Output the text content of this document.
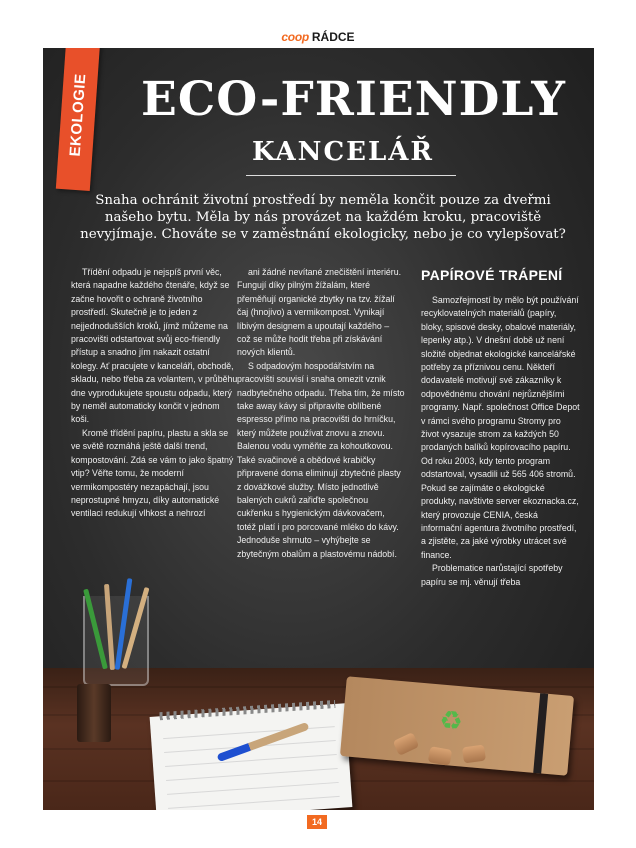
coop RÁDCE
EKOLOGIE	ECO-FRIENDLY
KANCELÁŘ
Snaha ochránit životní prostředí by neměla končit pouze za dveřmi našeho bytu. Měla by nás provázet na každém kroku, pracoviště nevyjímaje. Chováte se v zaměstnání ekologicky, nebo je co vylepšovat?

Třídění odpadu je nejspíš první věc, která napadne každého čtenáře, když se začne hovořit o ochraně životního prostředí. Skutečně je to jeden z nejjednodušších kroků, jímž můžeme na pracovišti odstartovat svůj eco-friendly přístup a snadno jím nakazit ostatní kolegy. Ať pracujete v kanceláři, obchodě, skladu, nebo třeba za volantem, v průběhu dne vyprodukujete spoustu odpadu, který by neměl automaticky končit v jednom koši.

Kromě třídění papíru, plastu a skla se ve světě rozmáhá ještě další trend, kompostování. Zdá se vám to jako špatný vtip? Věřte tomu, že moderní vermikompostéry nezapáchají, jsou neprostupné hmyzu, díky automatické ventilaci redukují vlhkost a nehrozí

ani žádné nevítané znečištění interiéru. Fungují díky pilným žížalám, které přeměňují organické zbytky na tzv. žížalí čaj (hnojivo) a vermikompost. Vynikají líbivým designem a upoutají každého – což se může hodit třeba při získávání nových klientů.

S odpadovým hospodářstvím na pracovišti souvisí i snaha omezit vznik nadbytečného odpadu. Třeba tím, že místo take away kávy si připravíte oblíbené espresso přímo na pracovišti do hrníčku, který můžete používat znovu a znovu. Balenou vodu vyměňte za kohoutkovou. Také svačinové a obědové krabičky připravené doma eliminují zbytečné plasty z dovážkové služby. Místo jednotlivě balených cukrů zařiďte společnou cukřenku s hygienickým dávkovačem, totéž platí i pro porcované mléko do kávy. Jednoduše shrnuto – vyhýbejte se zbytečným obalům a plastovému nádobí.

PAPÍROVÉ TRÁPENÍ

Samozřejmostí by mělo být používání recyklovatelných materiálů (papíry, bloky, spisové desky, obalové materiály, lepenky atp.). V dnešní době už není složité objednat ekologické kancelářské potřeby za příznivou cenu. Někteří dodavatelé motivují své zákazníky k odpovědnému chování nejrůznějšími programy. Např. společnost Office Depot v rámci svého programu Stromy pro život vysazuje strom za každých 50 prodaných balíků kopírovacího papíru. Od roku 2003, kdy tento program odstartoval, vysadili už 565 406 stromů. Pokud se zajímáte o ekologické produkty, navštivte server ekoznacka.cz, který provozuje CENIA, česká informační agentura životního prostředí, a zjistěte, za jaké výrobky utrácet své finance.

Problematice narůstající spotřeby papíru se mj. věnují třeba

♻
14
